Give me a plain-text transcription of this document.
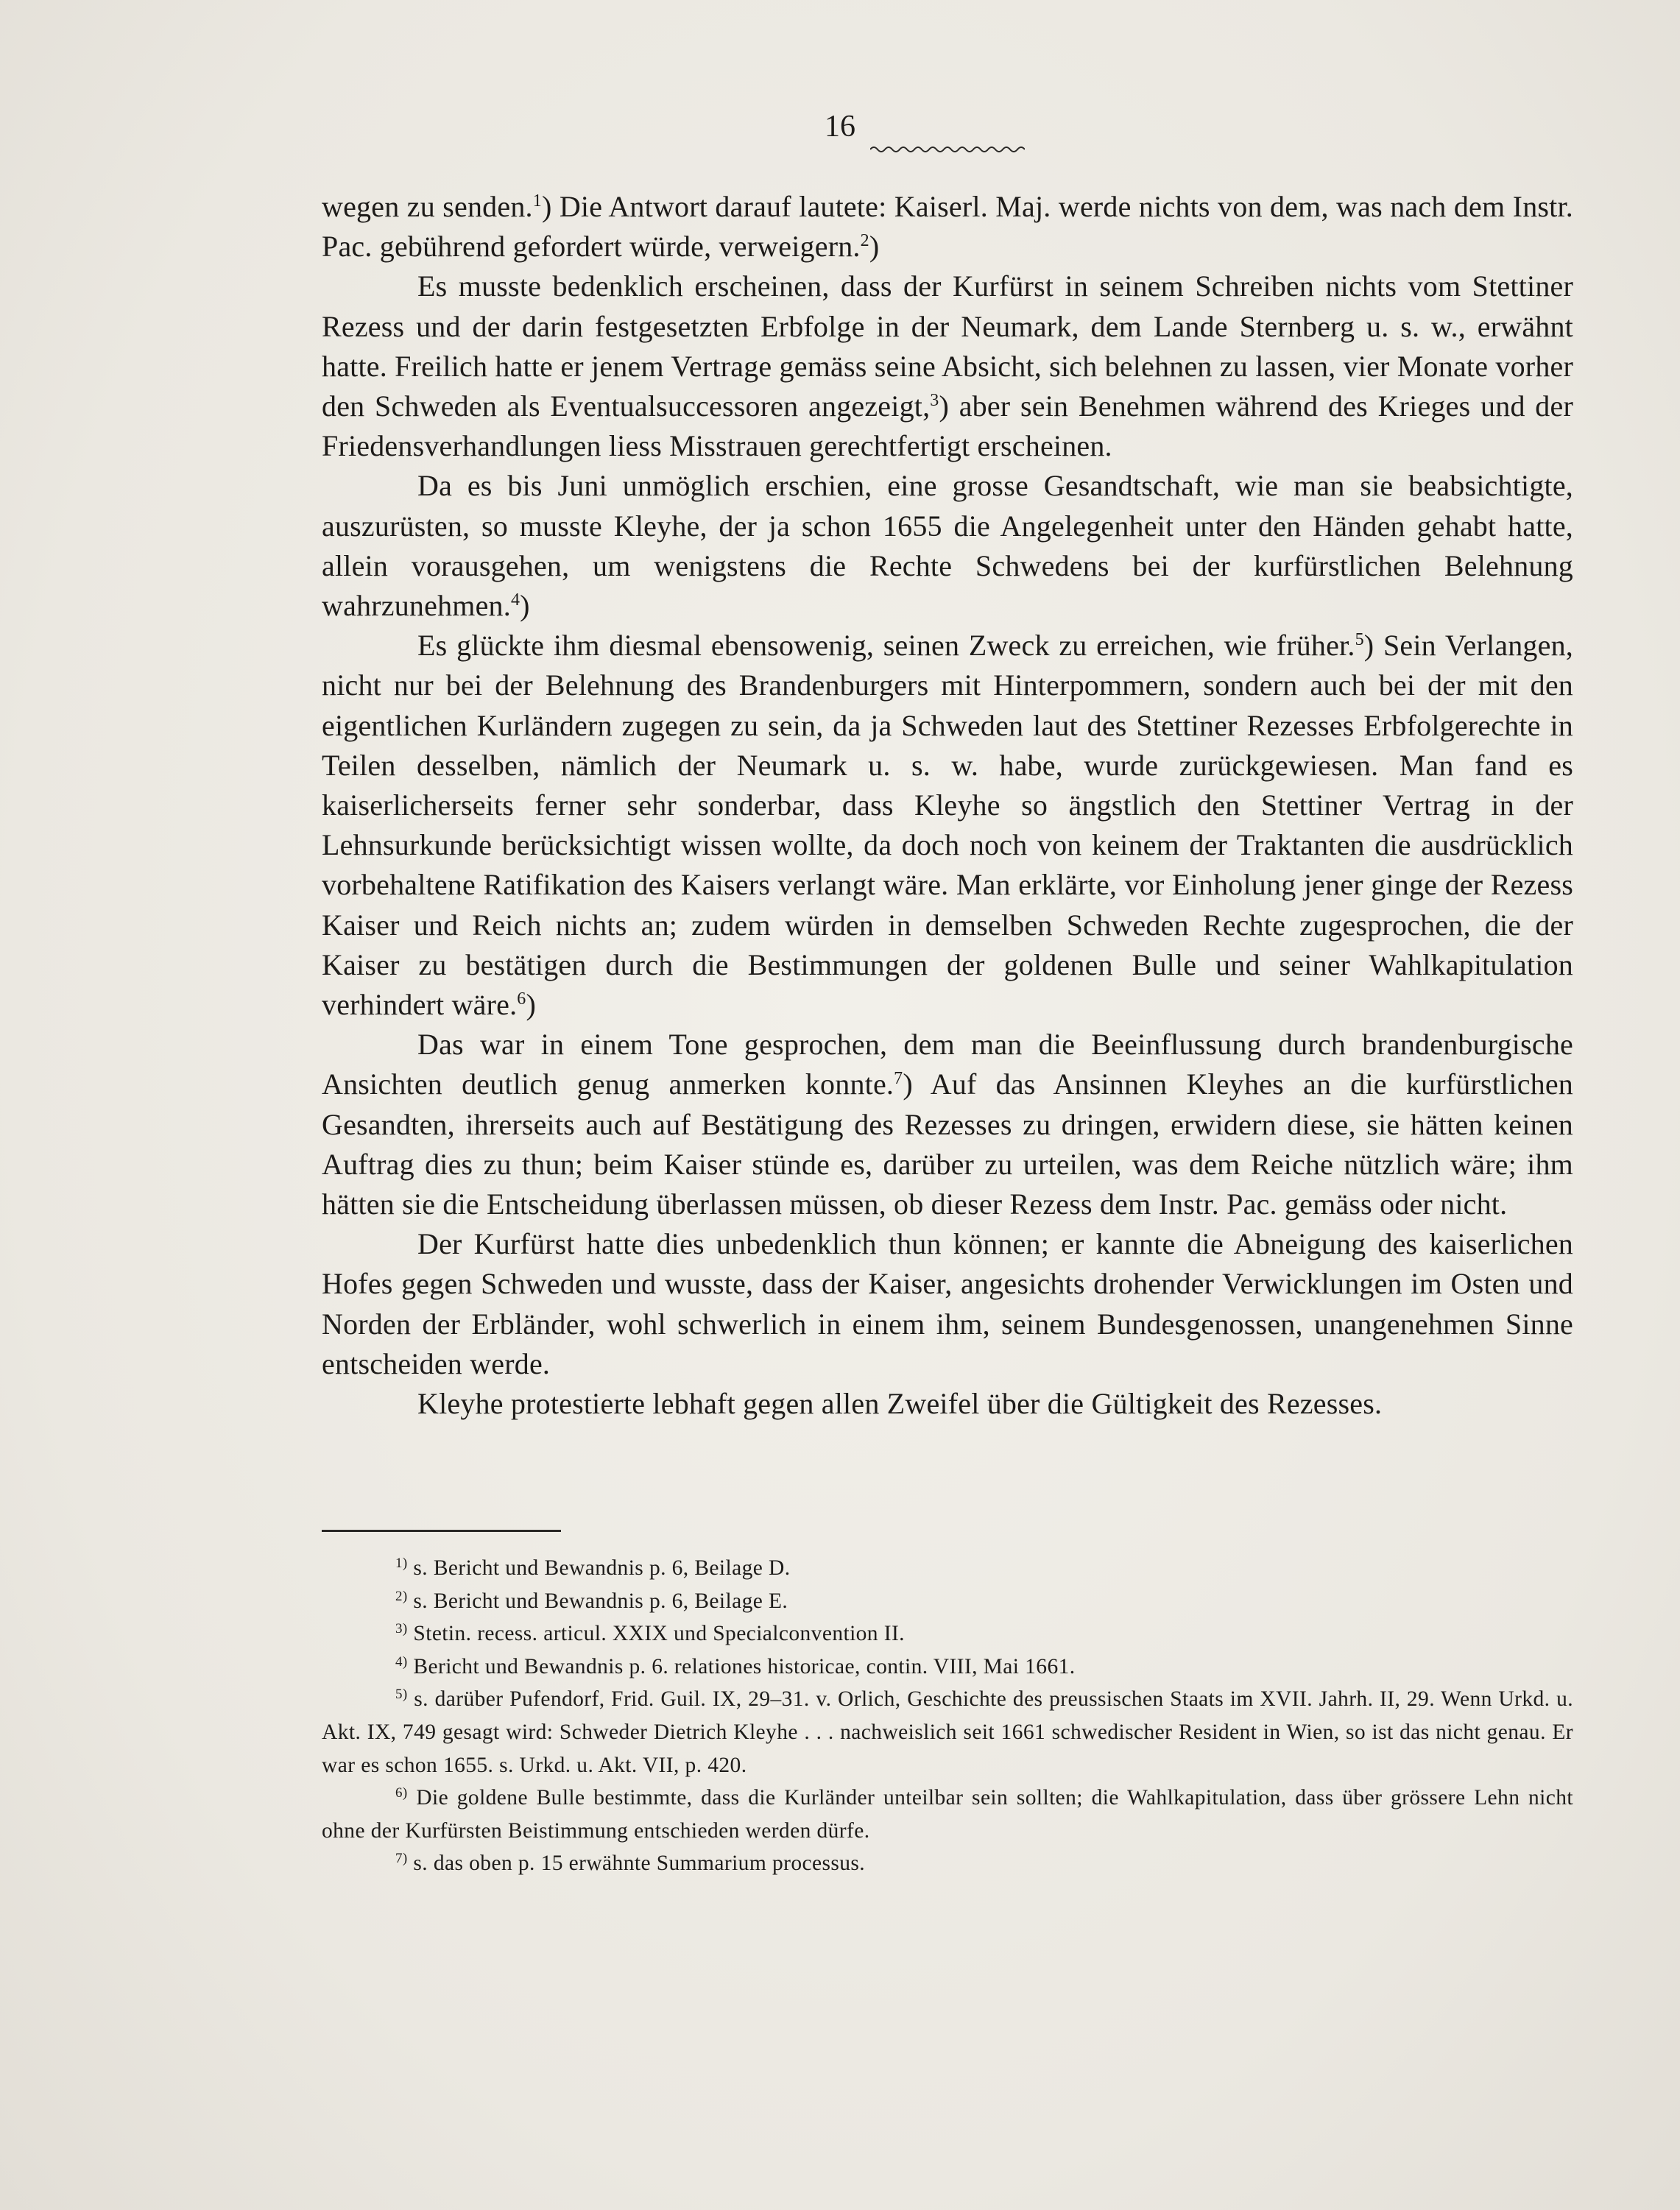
16

wegen zu senden.$^1$) Die Antwort darauf lautete: Kaiserl. Maj. werde nichts von dem, was nach dem Instr. Pac. gebührend gefordert würde, verweigern.$^2$)

Es musste bedenklich erscheinen, dass der Kurfürst in seinem Schreiben nichts vom Stettiner Rezess und der darin festgesetzten Erbfolge in der Neumark, dem Lande Sternberg u. s. w., erwähnt hatte. Freilich hatte er jenem Vertrage gemäss seine Absicht, sich belehnen zu lassen, vier Monate vorher den Schweden als Eventualsuccessoren angezeigt,$^3$) aber sein Benehmen während des Krieges und der Friedensverhandlungen liess Misstrauen gerechtfertigt erscheinen.

Da es bis Juni unmöglich erschien, eine grosse Gesandtschaft, wie man sie beabsichtigte, auszurüsten, so musste Kleyhe, der ja schon 1655 die Angelegenheit unter den Händen gehabt hatte, allein vorausgehen, um wenigstens die Rechte Schwedens bei der kurfürstlichen Belehnung wahrzunehmen.$^4$)

Es glückte ihm diesmal ebensowenig, seinen Zweck zu erreichen, wie früher.$^5$) Sein Verlangen, nicht nur bei der Belehnung des Brandenburgers mit Hinterpommern, sondern auch bei der mit den eigentlichen Kurländern zugegen zu sein, da ja Schweden laut des Stettiner Rezesses Erbfolgerechte in Teilen desselben, nämlich der Neumark u. s. w. habe, wurde zurückgewiesen. Man fand es kaiserlicherseits ferner sehr sonderbar, dass Kleyhe so ängstlich den Stettiner Vertrag in der Lehnsurkunde berücksichtigt wissen wollte, da doch noch von keinem der Traktanten die ausdrücklich vorbehaltene Ratifikation des Kaisers verlangt wäre. Man erklärte, vor Einholung jener ginge der Rezess Kaiser und Reich nichts an; zudem würden in demselben Schweden Rechte zugesprochen, die der Kaiser zu bestätigen durch die Bestimmungen der goldenen Bulle und seiner Wahlkapitulation verhindert wäre.$^6$)

Das war in einem Tone gesprochen, dem man die Beeinflussung durch brandenburgische Ansichten deutlich genug anmerken konnte.$^7$) Auf das Ansinnen Kleyhes an die kurfürstlichen Gesandten, ihrerseits auch auf Bestätigung des Rezesses zu dringen, erwidern diese, sie hätten keinen Auftrag dies zu thun; beim Kaiser stünde es, darüber zu urteilen, was dem Reiche nützlich wäre; ihm hätten sie die Entscheidung überlassen müssen, ob dieser Rezess dem Instr. Pac. gemäss oder nicht.

Der Kurfürst hatte dies unbedenklich thun können; er kannte die Abneigung des kaiserlichen Hofes gegen Schweden und wusste, dass der Kaiser, angesichts drohender Verwicklungen im Osten und Norden der Erbländer, wohl schwerlich in einem ihm, seinem Bundesgenossen, unangenehmen Sinne entscheiden werde.

Kleyhe protestierte lebhaft gegen allen Zweifel über die Gültigkeit des Rezesses.

$^{1)}$ s. Bericht und Bewandnis p. 6, Beilage D.

$^{2)}$ s. Bericht und Bewandnis p. 6, Beilage E.

$^{3)}$ Stetin. recess. articul. XXIX und Specialconvention II.

$^{4)}$ Bericht und Bewandnis p. 6. relationes historicae, contin. VIII, Mai 1661.

$^{5)}$ s. darüber Pufendorf, Frid. Guil. IX, 29–31. v. Orlich, Geschichte des preussischen Staats im XVII. Jahrh. II, 29. Wenn Urkd. u. Akt. IX, 749 gesagt wird: Schweder Dietrich Kleyhe . . . nachweislich seit 1661 schwedischer Resident in Wien, so ist das nicht genau. Er war es schon 1655. s. Urkd. u. Akt. VII, p. 420.

$^{6)}$ Die goldene Bulle bestimmte, dass die Kurländer unteilbar sein sollten; die Wahlkapitulation, dass über grössere Lehn nicht ohne der Kurfürsten Beistimmung entschieden werden dürfe.

$^{7)}$ s. das oben p. 15 erwähnte Summarium processus.
